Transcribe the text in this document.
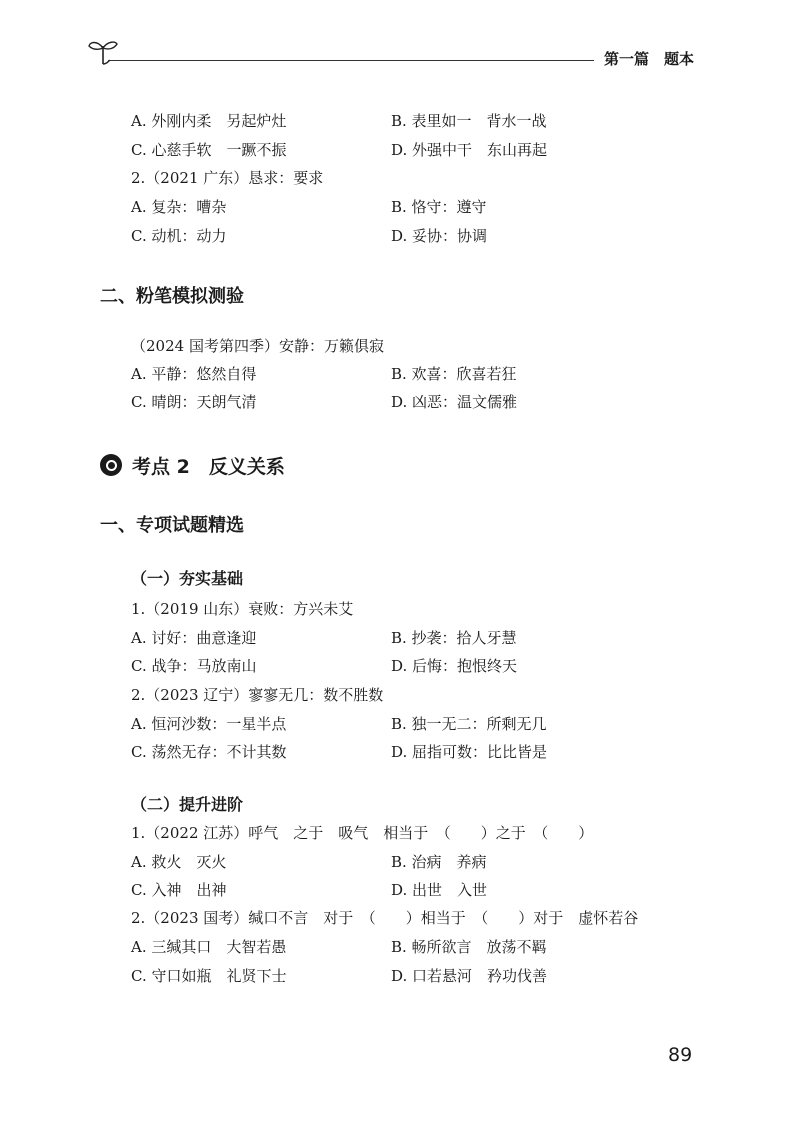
第一篇　题本
A. 外刚内柔　另起炉灶	B. 表里如一　背水一战
C. 心慈手软　一蹶不振	D. 外强中干　东山再起
2.（2021 广东）恳求：要求
A. 复杂：嘈杂	B. 恪守：遵守
C. 动机：动力	D. 妥协：协调
二、粉笔模拟测验
（2024 国考第四季）安静：万籁俱寂
A. 平静：悠然自得	B. 欢喜：欣喜若狂
C. 晴朗：天朗气清	D. 凶恶：温文儒雅
考点 2　反义关系
一、专项试题精选
（一）夯实基础
1.（2019 山东）衰败：方兴未艾
A. 讨好：曲意逢迎	B. 抄袭：拾人牙慧
C. 战争：马放南山	D. 后悔：抱恨终天
2.（2023 辽宁）寥寥无几：数不胜数
A. 恒河沙数：一星半点	B. 独一无二：所剩无几
C. 荡然无存：不计其数	D. 屈指可数：比比皆是
（二）提升进阶
1.（2022 江苏）呼气　之于　吸气　相当于　（　　）之于　（　　）
A. 救火　灭火	B. 治病　养病
C. 入神　出神	D. 出世　入世
2.（2023 国考）缄口不言　对于　（　　）相当于　（　　）对于　虚怀若谷
A. 三缄其口　大智若愚	B. 畅所欲言　放荡不羁
C. 守口如瓶　礼贤下士	D. 口若悬河　矜功伐善
89
